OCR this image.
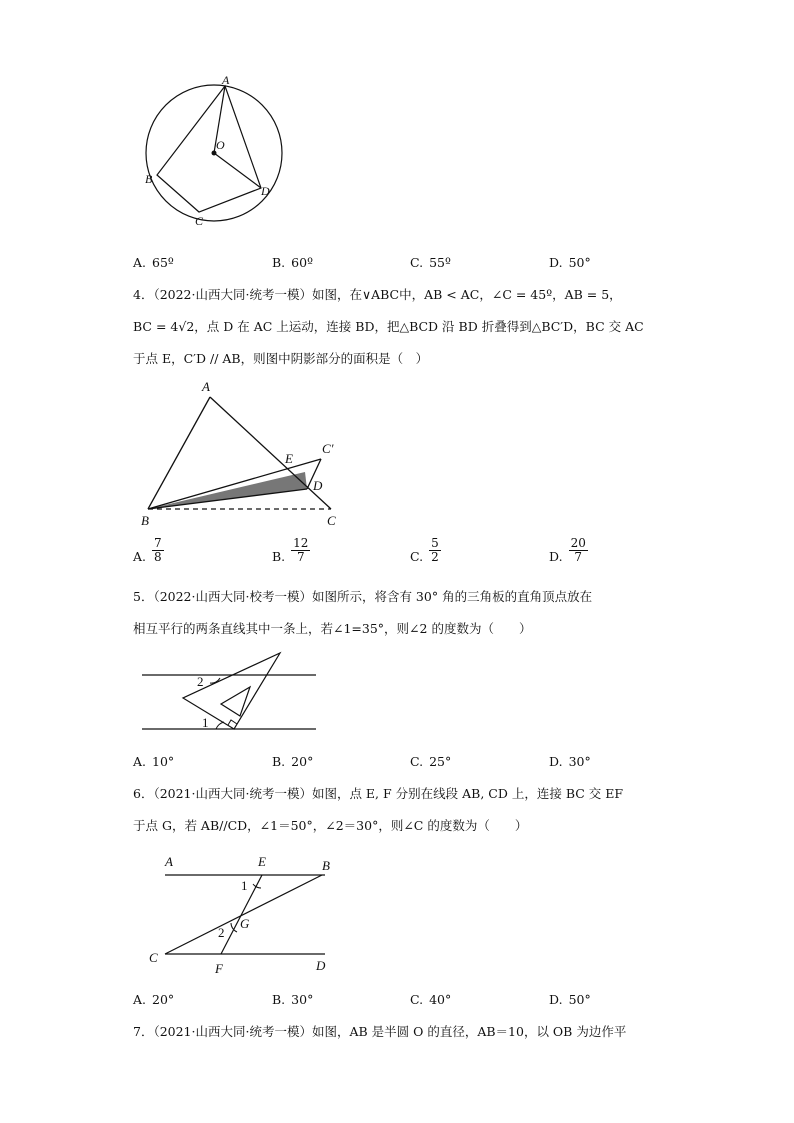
A
O
B
D
C
A. 65º	B. 60º	C. 55º	D. 50°
4．（2022·山西大同·统考一模）如图，在∨ABC中，AB < AC，∠C = 45º，AB = 5，
BC = 4√2，点 D 在 AC 上运动，连接 BD，把△BCD 沿 BD 折叠得到△BC′D，BC 交 AC
于点 E，C′D // AB，则图中阴影部分的面积是（　）
A
E
C′
D
B	C
A. $\frac{7}{8}$	B. $\frac{12}{7}$	C. $\frac{5}{2}$	D. $\frac{20}{7}$
5．（2022·山西大同·校考一模）如图所示，将含有 30° 角的三角板的直角顶点放在
相互平行的两条直线其中一条上，若∠1=35°，则∠2 的度数为（　　）
2
1
A. 10°	B. 20°	C. 25°	D. 30°
6．（2021·山西大同·统考一模）如图，点 E, F 分别在线段 AB, CD 上，连接 BC 交 EF
于点 G，若 AB//CD，∠1＝50°，∠2＝30°，则∠C 的度数为（　　）
A	E	B
1
G
2
C
F	D
A. 20°	B. 30°	C. 40°	D. 50°
7．（2021·山西大同·统考一模）如图，AB 是半圆 O 的直径，AB＝10，以 OB 为边作平
